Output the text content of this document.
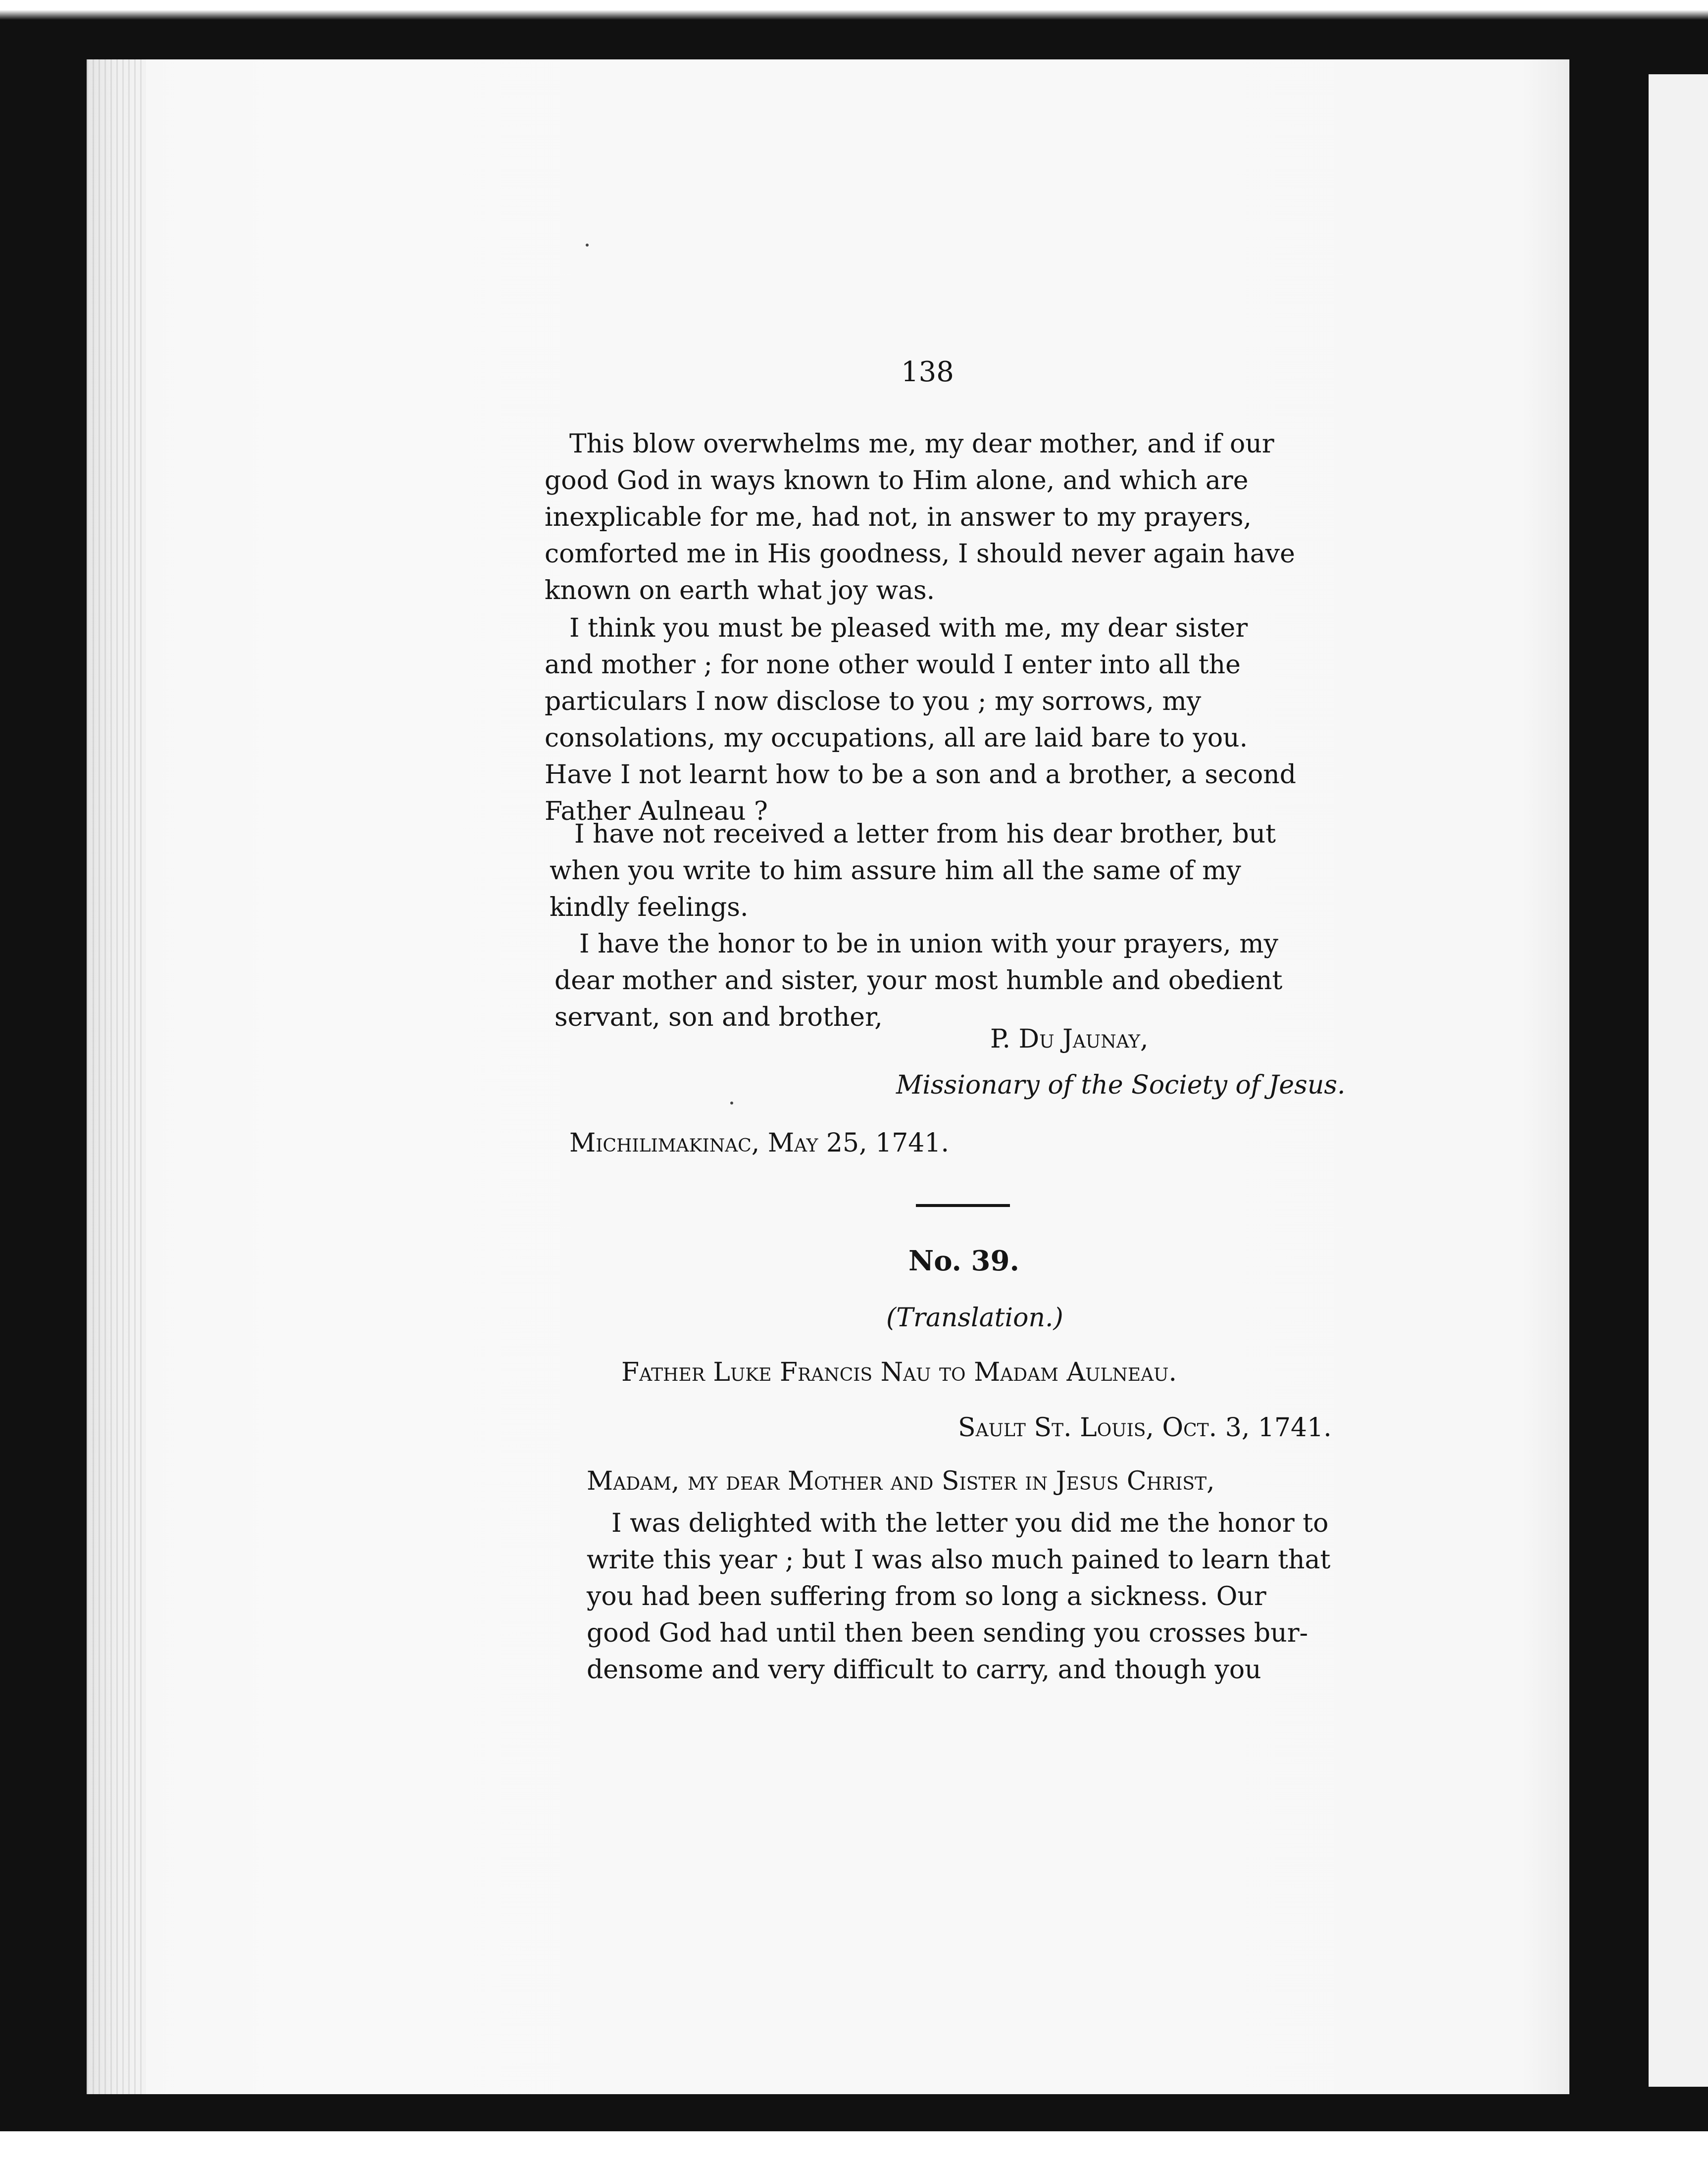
138
This blow overwhelms me, my dear mother, and if our
good God in ways known to Him alone, and which are
inexplicable for me, had not, in answer to my prayers,
comforted me in His goodness, I should never again have
known on earth what joy was.
I think you must be pleased with me, my dear sister
and mother ; for none other would I enter into all the
particulars I now disclose to you ; my sorrows, my
consolations, my occupations, all are laid bare to you.
Have I not learnt how to be a son and a brother, a second
Father Aulneau ?
I have not received a letter from his dear brother, but
when you write to him assure him all the same of my
kindly feelings.
I have the honor to be in union with your prayers, my
dear mother and sister, your most humble and obedient
servant, son and brother,
P. Du Jaunay,
Missionary of the Society of Jesus.
Michilimakinac, May 25, 1741.
No. 39.
(Translation.)
Father Luke Francis Nau to Madam Aulneau.
Sault St. Louis, Oct. 3, 1741.
Madam, my dear Mother and Sister in Jesus Christ,
I was delighted with the letter you did me the honor to
write this year ; but I was also much pained to learn that
you had been suffering from so long a sickness. Our
good God had until then been sending you crosses bur-
densome and very difficult to carry, and though you
